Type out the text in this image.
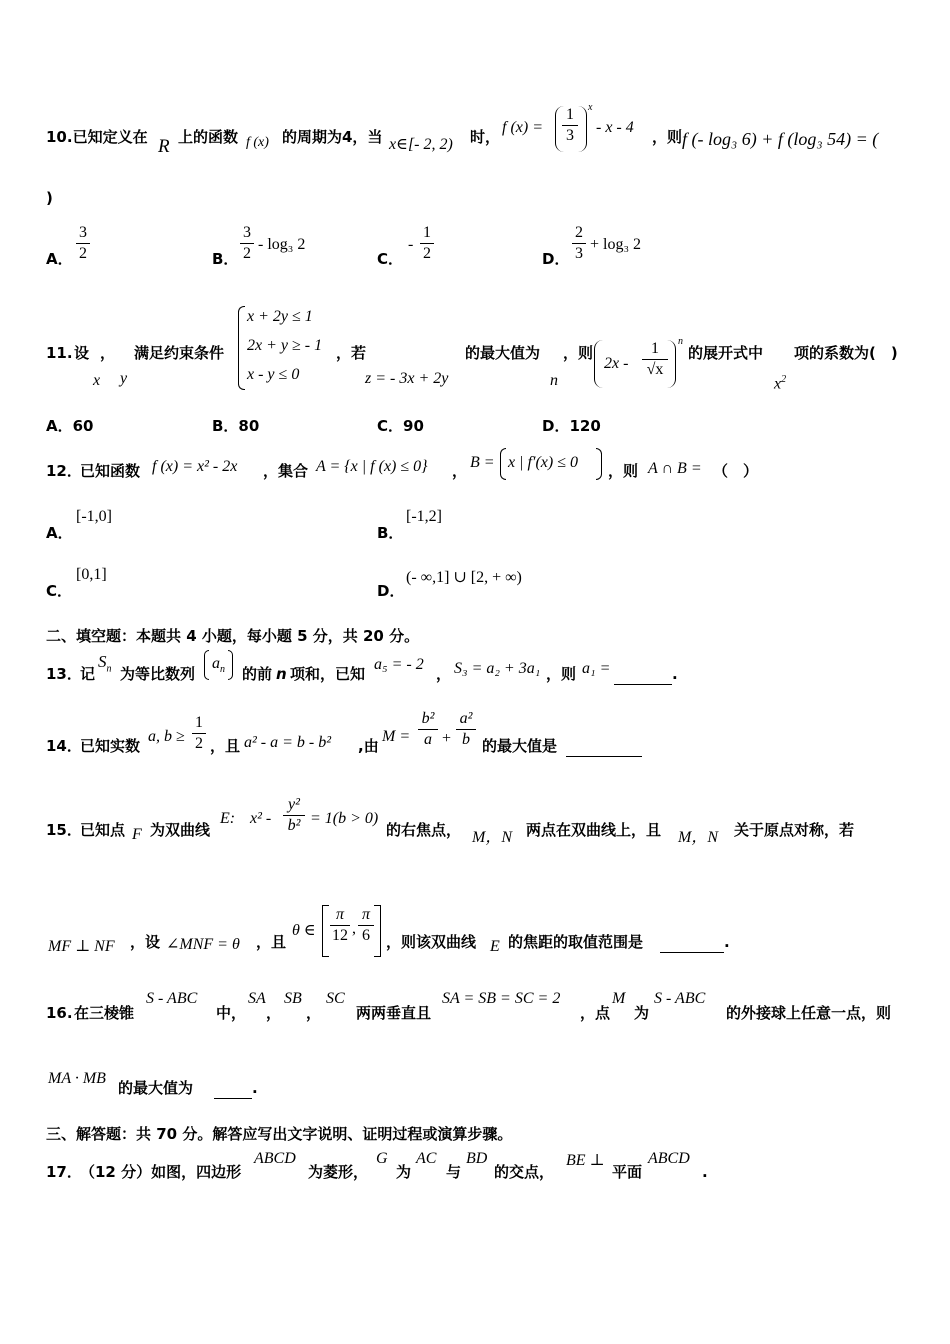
10.已知定义在 R 上的函数 f (x) 的周期为4，当 x∈[- 2, 2) 时，
f (x) =
1
3
x
- x - 4
，则 f (- log₃ 6) + f (log₃ 54) = (
)
A．
3
2	B．
3
2
- log₃ 2
C．
-
1
2	D．
2
3
+ log₃ 2
11. 设
x
，
y
满足约束条件
x + 2y ≤ 1
2x + y ≥ - 1
x - y ≤ 0
，若
z = - 3x + 2y
的最大值为
n
，则
2x -
1
√x
n
的展开式中
$x^2$
项的系数为(　)
A．60	B．80	C．90	D．120
12．
已知函数 f (x) = x² - 2x ，集合 A = {x | f (x) ≤ 0} ， B = x | f′(x) ≤ 0 ，则 A ∩ B = （　）
A．
[-1,0]
B．
[-1,2]
C．
[0,1]
D．
(- ∞,1] ∪ [2, + ∞)
二、填空题：本题共 4 小题，每小题 5 分，共 20 分。
13．
记
$S_n$ 为等比数列
$a_n$ 的前 n 项和，已知
a₅ = - 2
， S₃ = a₂ + 3a₁ ，则 a₁ =	.
14．
已知实数
a, b ≥
1
2 ，且 a² - a = b - b² ,由
M =
b²
a +
a²
b 的最大值是

15．
已知点 F 为双曲线
E: x² -
y²
b² = 1(b > 0)
的右焦点， M，N 两点在双曲线上，且 M，N 关于原点对称，若
MF ⊥ NF ，设 ∠MNF = θ ，且
θ ∈
π
12 ,
π
6 ，则该双曲线 E 的焦距的取值范围是	.
16. 在三棱锥
S - ABC
中，
SA
，
SB
，
SC
两两垂直且
SA = SB = SC = 2
，点
M
为
S - ABC
的外接球上任意一点，则
MA · MB
的最大值为	.
三、解答题：共 70 分。解答应写出文字说明、证明过程或演算步骤。
17．
（12 分）如图，四边形
ABCD
为菱形，
G
为
AC
与
BD
的交点，
BE ⊥
平面
ABCD
.
